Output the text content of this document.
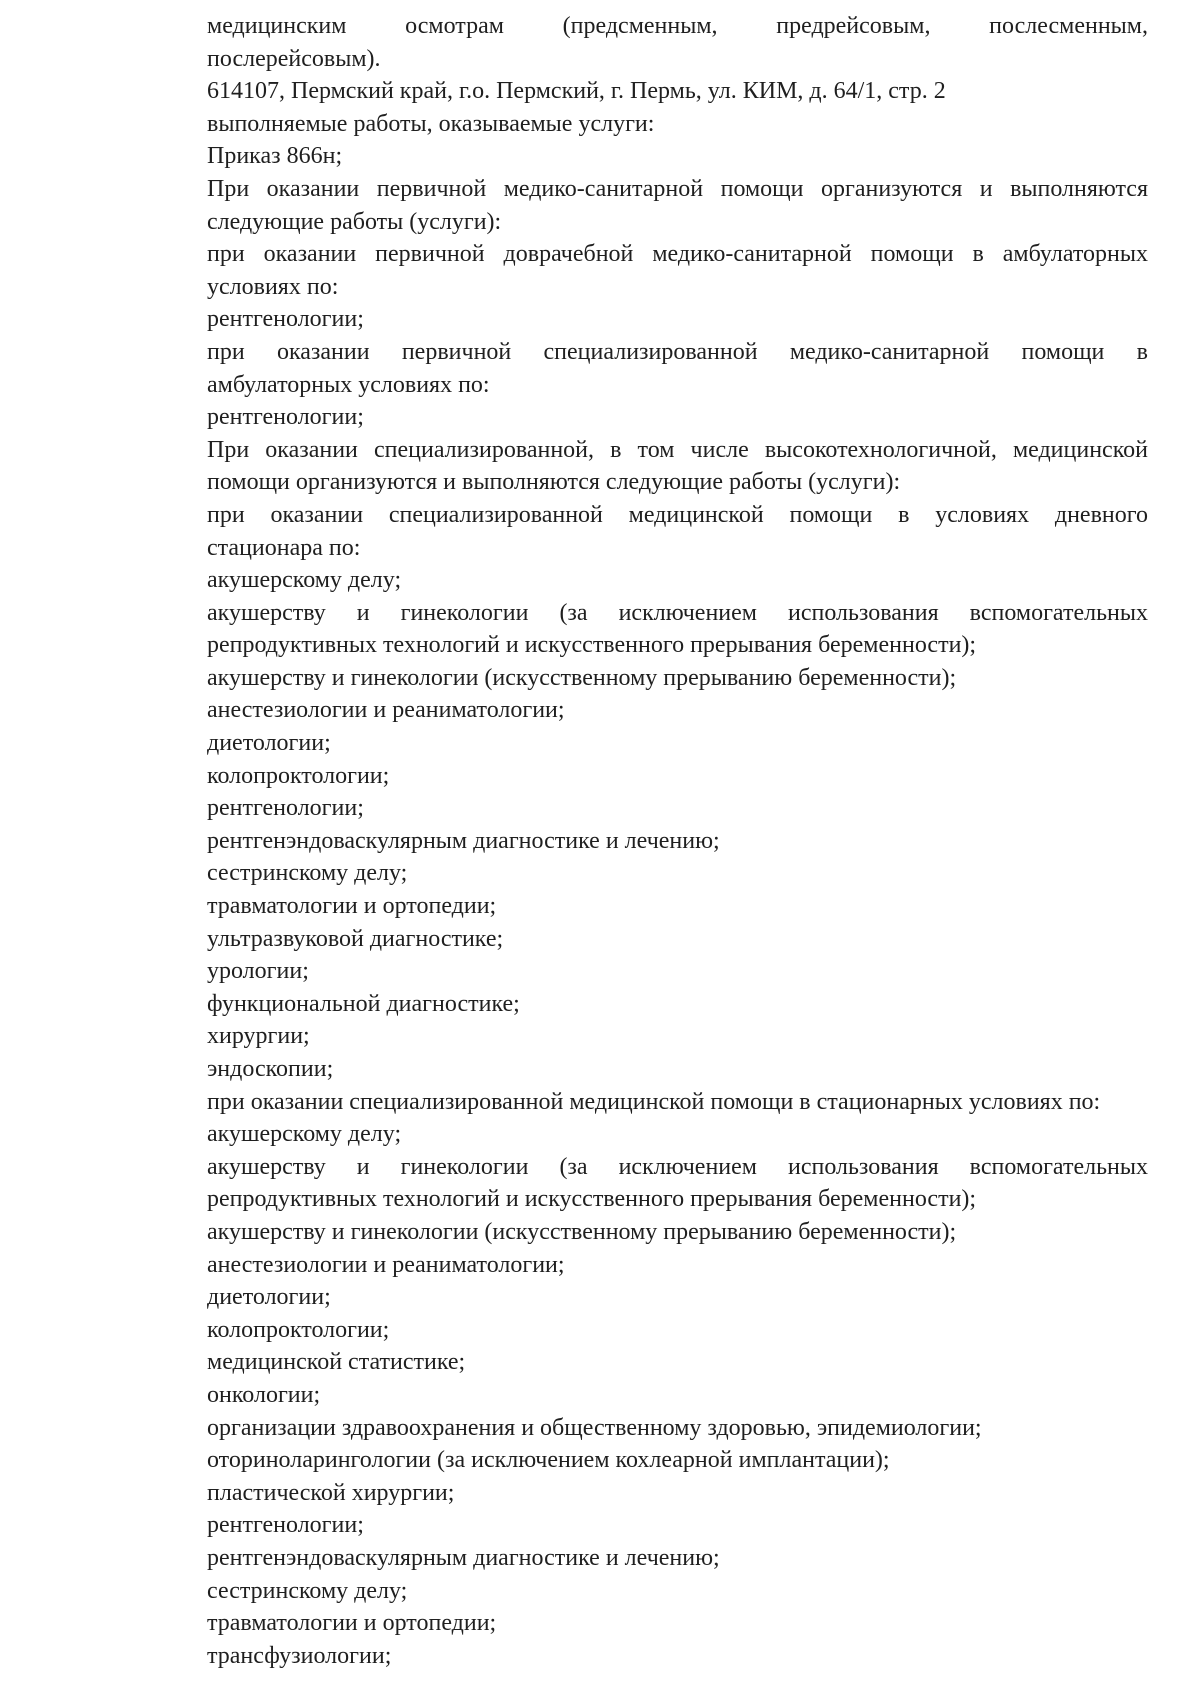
медицинским осмотрам (предсменным, предрейсовым, послесменным,

послерейсовым).

614107, Пермский край, г.о. Пермский, г. Пермь, ул. КИМ, д. 64/1, стр. 2

выполняемые работы, оказываемые услуги:

Приказ 866н;

При оказании первичной медико-санитарной помощи организуются и выполняются

следующие работы (услуги):

при оказании первичной доврачебной медико-санитарной помощи в амбулаторных

условиях по:

рентгенологии;

при оказании первичной специализированной медико-санитарной помощи в

амбулаторных условиях по:

рентгенологии;

При оказании специализированной, в том числе высокотехнологичной, медицинской

помощи организуются и выполняются следующие работы (услуги):

при оказании специализированной медицинской помощи в условиях дневного

стационара по:

акушерскому делу;

акушерству и гинекологии (за исключением использования вспомогательных

репродуктивных технологий и искусственного прерывания беременности);

акушерству и гинекологии (искусственному прерыванию беременности);

анестезиологии и реаниматологии;

диетологии;

колопроктологии;

рентгенологии;

рентгенэндоваскулярным диагностике и лечению;

сестринскому делу;

травматологии и ортопедии;

ультразвуковой диагностике;

урологии;

функциональной диагностике;

хирургии;

эндоскопии;

при оказании специализированной медицинской помощи в стационарных условиях по:

акушерскому делу;

акушерству и гинекологии (за исключением использования вспомогательных

репродуктивных технологий и искусственного прерывания беременности);

акушерству и гинекологии (искусственному прерыванию беременности);

анестезиологии и реаниматологии;

диетологии;

колопроктологии;

медицинской статистике;

онкологии;

организации здравоохранения и общественному здоровью, эпидемиологии;

оториноларингологии (за исключением кохлеарной имплантации);

пластической хирургии;

рентгенологии;

рентгенэндоваскулярным диагностике и лечению;

сестринскому делу;

травматологии и ортопедии;

трансфузиологии;
